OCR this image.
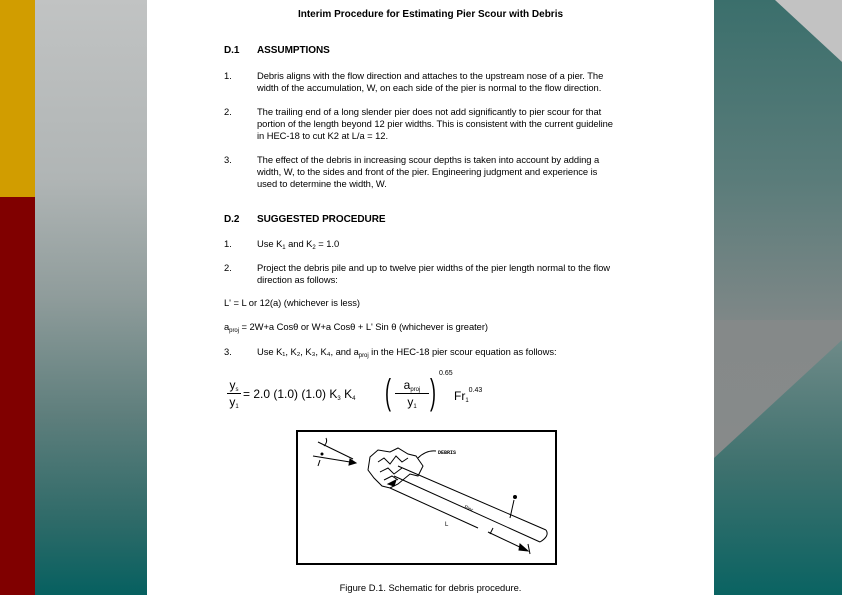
Interim Procedure for Estimating Pier Scour with Debris
D.1 ASSUMPTIONS
1.	Debris aligns with the flow direction and attaches to the upstream nose of a pier. The
width of the accumulation, W, on each side of the pier is normal to the flow direction.
2.	The trailing end of a long slender pier does not add significantly to pier scour for that
portion of the length beyond 12 pier widths. This is consistent with the current guideline
in HEC-18 to cut K2 at L/a = 12.
3.	The effect of the debris in increasing scour depths is taken into account by adding a
width, W, to the sides and front of the pier. Engineering judgment and experience is
used to determine the width, W.
D.2 SUGGESTED PROCEDURE
1.	Use $K_1$ and $K_2 = 1.0$
2.	Project the debris pile and up to twelve pier widths of the pier length normal to the flow
direction as follows:
L' = L or 12(a) (whichever is less)
$a_{proj} = 2W+a$ Cosθ or W+a Cosθ + L' Sin θ (whichever is greater)
3.	Use K₁, K₂, K₃, K₄, and $a_{proj}$ in the HEC-18 pier scour equation as follows:
$y_s$
$y_1$
= 2.0 (1.0) (1.0) $K_3$ $K_4$ (	$a_{proj}$
$y_1$ ) 0.65
$Fr_1^{0.43}$
DEBRIS
Pier
L
Figure D.1. Schematic for debris procedure.
